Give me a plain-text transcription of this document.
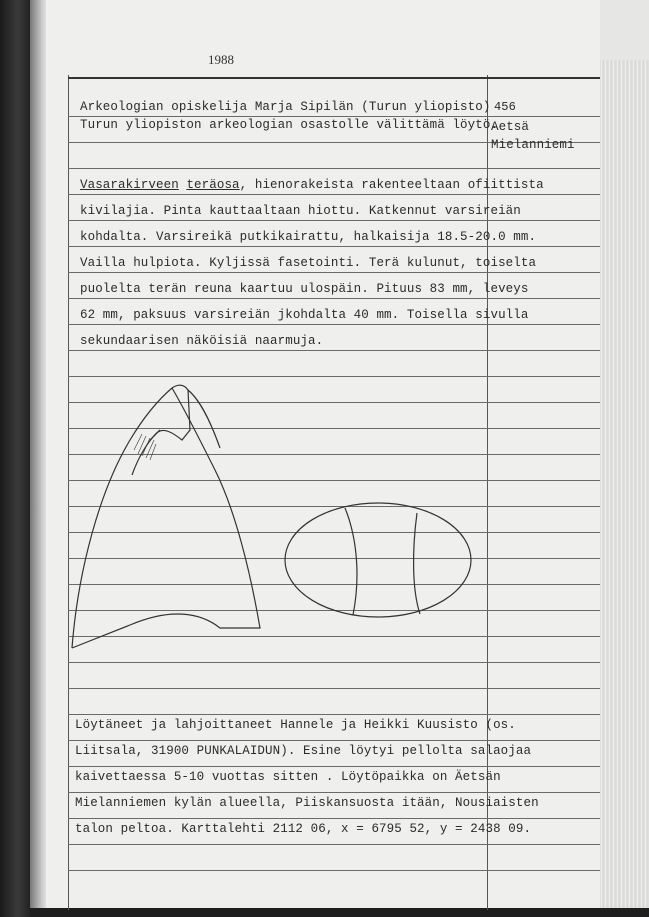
1988
Arkeologian opiskelija Marja Sipilän (Turun yliopisto)
Turun yliopiston arkeologian osastolle välittämä löytö.
456
Aetsä
Mielanniemi
Vasarakirveen teräosa, hienorakeista rakenteeltaan ofiittista
kivilajia. Pinta kauttaaltaan hiottu. Katkennut varsireiän
kohdalta. Varsireikä putkikairattu, halkaisija 18.5-20.0 mm.
Vailla hulpiota. Kyljissä fasetointi. Terä kulunut, toiselta
puolelta terän reuna kaartuu ulospäin. Pituus 83 mm, leveys
62 mm, paksuus varsireiän jkohdalta 40 mm. Toisella sivulla
sekundaarisen näköisiä naarmuja.
Löytäneet ja lahjoittaneet Hannele ja Heikki Kuusisto (os.
Liitsala, 31900 PUNKALAIDUN). Esine löytyi pellolta salaojaa
kaivettaessa 5-10 vuottas sitten . Löytöpaikka on Äetsän
Mielanniemen kylän alueella, Piiskansuosta itään, Nousiaisten
talon peltoa. Karttalehti 2112 06, x = 6795 52, y = 2438 09.
